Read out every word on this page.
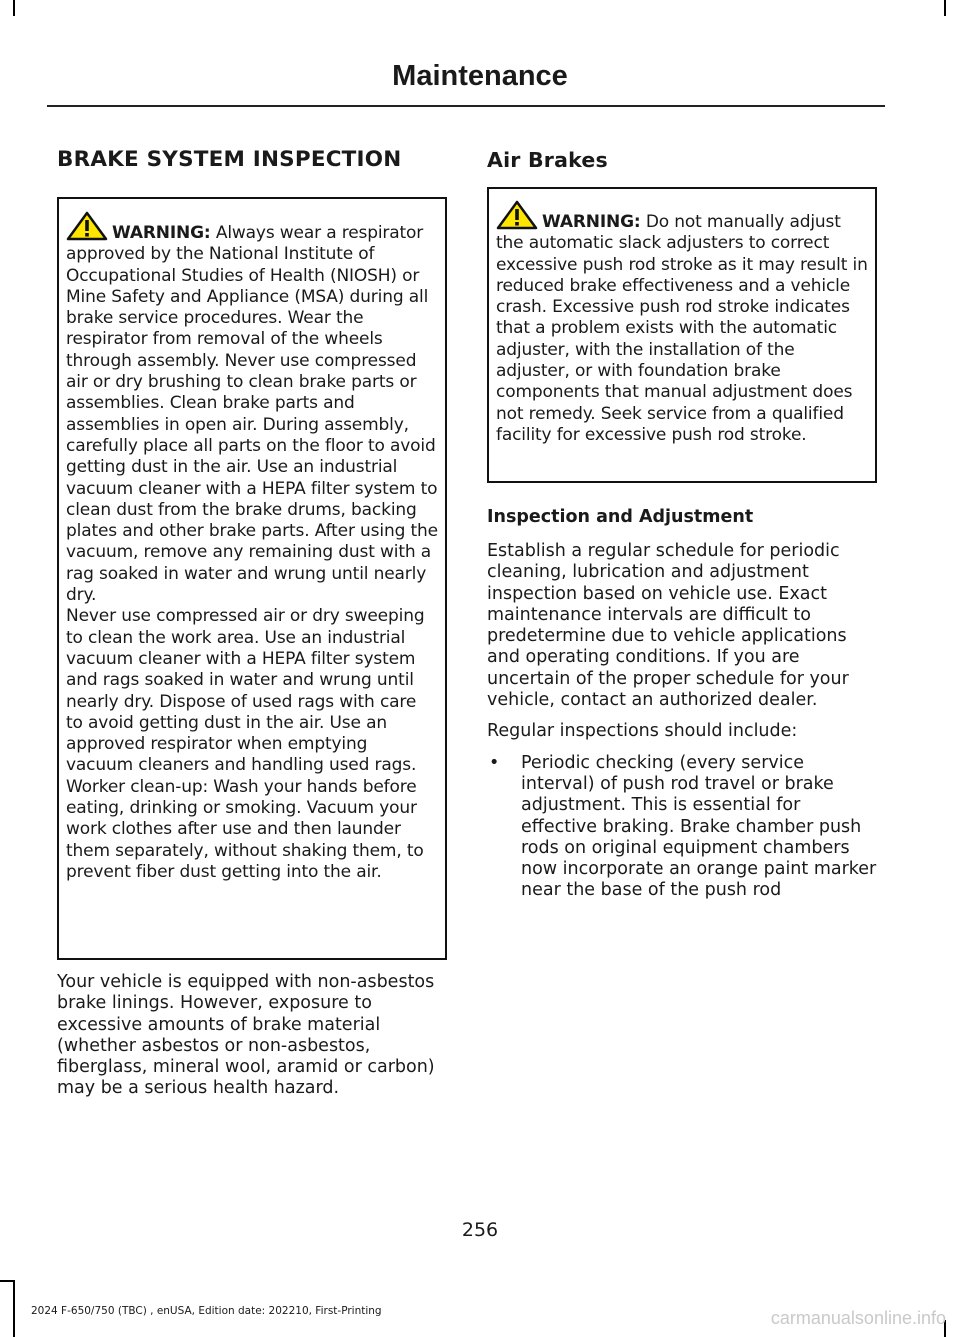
Maintenance
BRAKE SYSTEM INSPECTION

WARNING: Always wear a respirator approved by the National Institute of Occupational Studies of Health (NIOSH) or Mine Safety and Appliance (MSA) during all brake service procedures. Wear the respirator from removal of the wheels through assembly. Never use compressed air or dry brushing to clean brake parts or assemblies. Clean brake parts and assemblies in open air. During assembly, carefully place all parts on the floor to avoid getting dust in the air. Use an industrial vacuum cleaner with a HEPA filter system to clean dust from the brake drums, backing plates and other brake parts. After using the vacuum, remove any remaining dust with a rag soaked in water and wrung until nearly dry.

Never use compressed air or dry sweeping to clean the work area. Use an industrial vacuum cleaner with a HEPA filter system and rags soaked in water and wrung until nearly dry. Dispose of used rags with care to avoid getting dust in the air. Use an approved respirator when emptying vacuum cleaners and handling used rags.

Worker clean-up: Wash your hands before eating, drinking or smoking. Vacuum your work clothes after use and then launder them separately, without shaking them, to prevent fiber dust getting into the air.

Your vehicle is equipped with non-asbestos brake linings. However, exposure to excessive amounts of brake material (whether asbestos or non-asbestos, fiberglass, mineral wool, aramid or carbon) may be a serious health hazard.

Air Brakes

WARNING: Do not manually adjust the automatic slack adjusters to correct excessive push rod stroke as it may result in reduced brake effectiveness and a vehicle crash. Excessive push rod stroke indicates that a problem exists with the automatic adjuster, with the installation of the adjuster, or with foundation brake components that manual adjustment does not remedy. Seek service from a qualified facility for excessive push rod stroke.

Inspection and Adjustment

Establish a regular schedule for periodic cleaning, lubrication and adjustment inspection based on vehicle use. Exact maintenance intervals are difficult to predetermine due to vehicle applications and operating conditions. If you are uncertain of the proper schedule for your vehicle, contact an authorized dealer.

Regular inspections should include:

• Periodic checking (every service interval) of push rod travel or brake adjustment. This is essential for effective braking. Brake chamber push rods on original equipment chambers now incorporate an orange paint marker near the base of the push rod
256
2024 F-650/750 (TBC) , enUSA, Edition date: 202210, First-Printing	carmanualsonline.info
